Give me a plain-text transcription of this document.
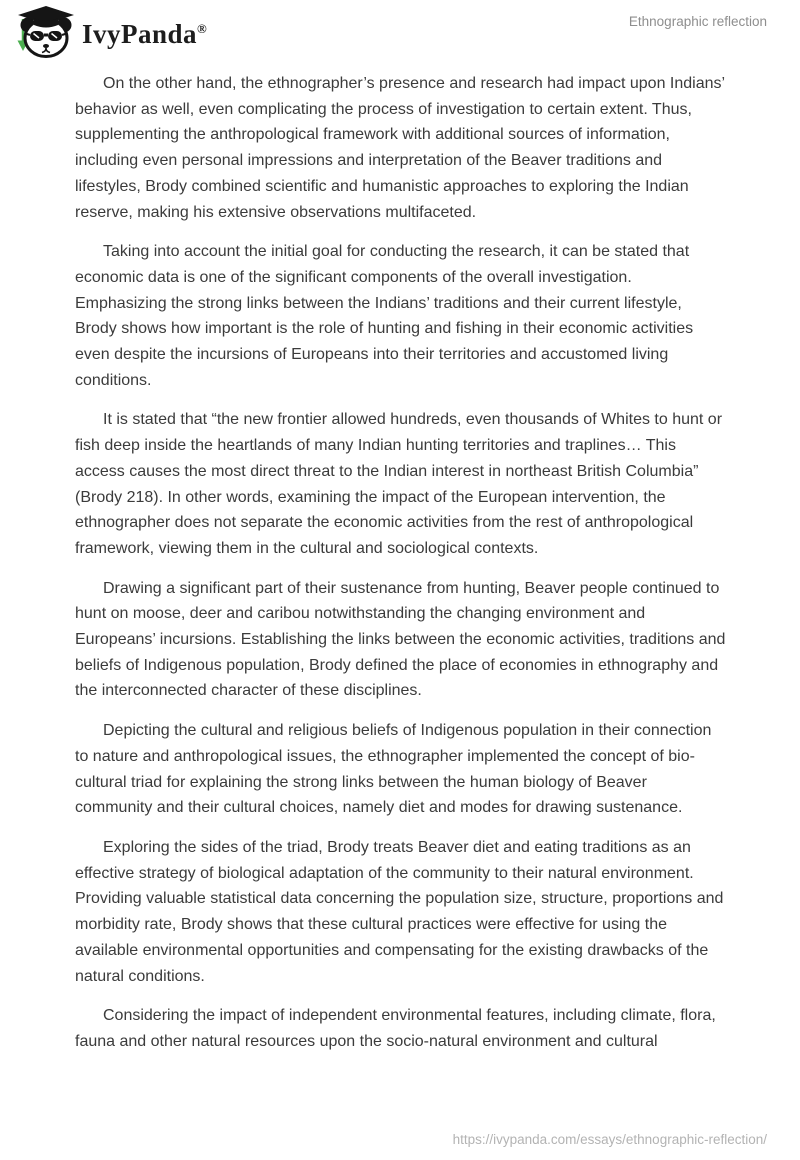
IvyPanda®	Ethnographic reflection

On the other hand, the ethnographer’s presence and research had impact upon Indians’ behavior as well, even complicating the process of investigation to certain extent. Thus, supplementing the anthropological framework with additional sources of information, including even personal impressions and interpretation of the Beaver traditions and lifestyles, Brody combined scientific and humanistic approaches to exploring the Indian reserve, making his extensive observations multifaceted.

Taking into account the initial goal for conducting the research, it can be stated that economic data is one of the significant components of the overall investigation. Emphasizing the strong links between the Indians’ traditions and their current lifestyle, Brody shows how important is the role of hunting and fishing in their economic activities even despite the incursions of Europeans into their territories and accustomed living conditions.

It is stated that “the new frontier allowed hundreds, even thousands of Whites to hunt or fish deep inside the heartlands of many Indian hunting territories and traplines… This access causes the most direct threat to the Indian interest in northeast British Columbia” (Brody 218). In other words, examining the impact of the European intervention, the ethnographer does not separate the economic activities from the rest of anthropological framework, viewing them in the cultural and sociological contexts.

Drawing a significant part of their sustenance from hunting, Beaver people continued to hunt on moose, deer and caribou notwithstanding the changing environment and Europeans’ incursions. Establishing the links between the economic activities, traditions and beliefs of Indigenous population, Brody defined the place of economies in ethnography and the interconnected character of these disciplines.

Depicting the cultural and religious beliefs of Indigenous population in their connection to nature and anthropological issues, the ethnographer implemented the concept of bio-cultural triad for explaining the strong links between the human biology of Beaver community and their cultural choices, namely diet and modes for drawing sustenance.

Exploring the sides of the triad, Brody treats Beaver diet and eating traditions as an effective strategy of biological adaptation of the community to their natural environment. Providing valuable statistical data concerning the population size, structure, proportions and morbidity rate, Brody shows that these cultural practices were effective for using the available environmental opportunities and compensating for the existing drawbacks of the natural conditions.

Considering the impact of independent environmental features, including climate, flora, fauna and other natural resources upon the socio-natural environment and cultural

https://ivypanda.com/essays/ethnographic-reflection/
